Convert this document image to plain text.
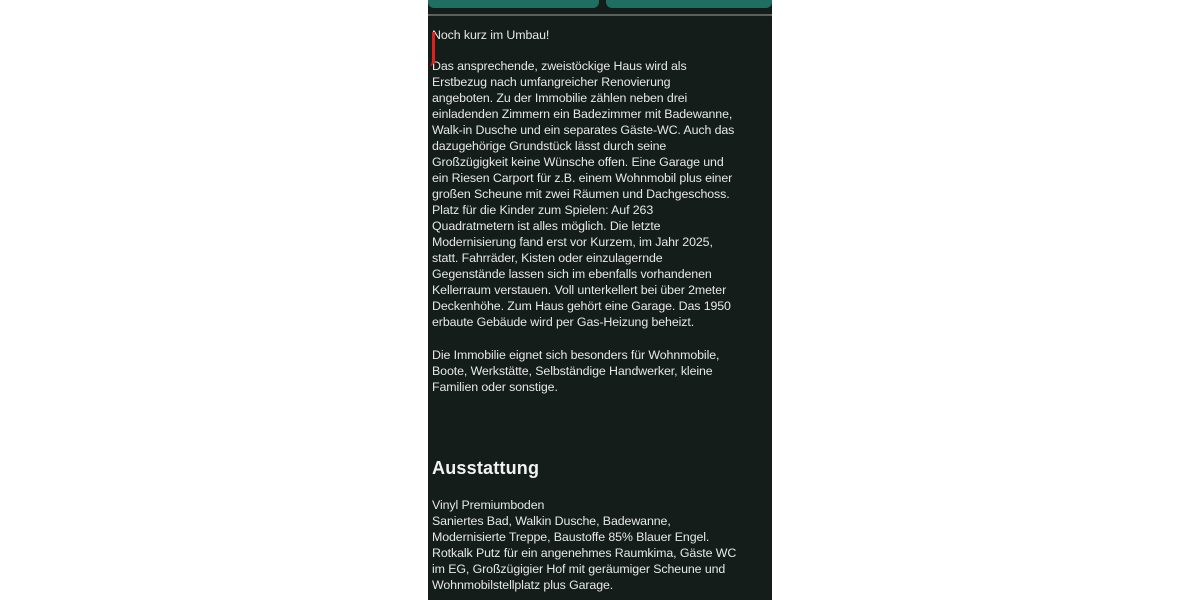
Noch kurz im Umbau!
Das ansprechende, zweistöckige Haus wird als
Erstbezug nach umfangreicher Renovierung
angeboten. Zu der Immobilie zählen neben drei
einladenden Zimmern ein Badezimmer mit Badewanne,
Walk-in Dusche und ein separates Gäste-WC. Auch das
dazugehörige Grundstück lässt durch seine
Großzügigkeit keine Wünsche offen. Eine Garage und
ein Riesen Carport für z.B. einem Wohnmobil plus einer
großen Scheune mit zwei Räumen und Dachgeschoss.
Platz für die Kinder zum Spielen: Auf 263
Quadratmetern ist alles möglich. Die letzte
Modernisierung fand erst vor Kurzem, im Jahr 2025,
statt. Fahrräder, Kisten oder einzulagernde
Gegenstände lassen sich im ebenfalls vorhandenen
Kellerraum verstauen. Voll unterkellert bei über 2meter
Deckenhöhe. Zum Haus gehört eine Garage. Das 1950
erbaute Gebäude wird per Gas-Heizung beheizt.
Die Immobilie eignet sich besonders für Wohnmobile,
Boote, Werkstätte, Selbständige Handwerker, kleine
Familien oder sonstige.
Ausstattung
Vinyl Premiumboden
Saniertes Bad, Walkin Dusche, Badewanne,
Modernisierte Treppe, Baustoffe 85% Blauer Engel.
Rotkalk Putz für ein angenehmes Raumkima, Gäste WC
im EG, Großzügigier Hof mit geräumiger Scheune und
Wohnmobilstellplatz plus Garage.
